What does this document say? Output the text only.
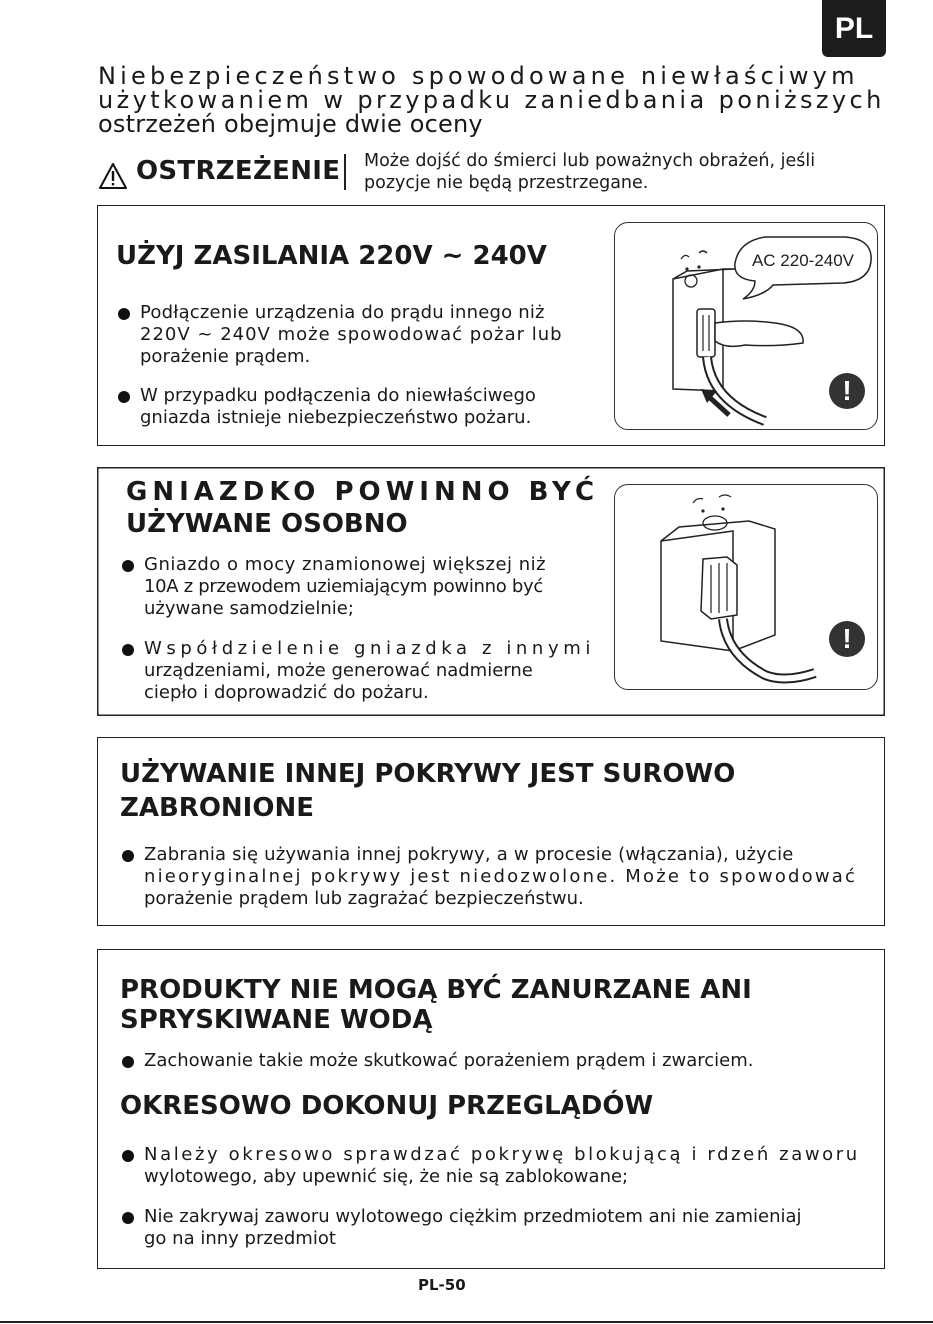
PL
Niebezpieczeństwo spowodowane niewłaściwym
użytkowaniem w przypadku zaniedbania poniższych
ostrzeżeń obejmuje dwie oceny
OSTRZEŻENIE Może dojść do śmierci lub poważnych obrażeń, jeśli
pozycje nie będą przestrzegane.
UŻYJ ZASILANIA 220V ~ 240V
Podłączenie urządzenia do prądu innego niż
220V ~ 240V może spowodować pożar lub
porażenie prądem.
W przypadku podłączenia do niewłaściwego
gniazda istnieje niebezpieczeństwo pożaru.
AC 220-240V
!
GNIAZDKO POWINNO BYĆ
UŻYWANE OSOBNO
Gniazdo o mocy znamionowej większej niż
10A z przewodem uziemiającym powinno być
używane samodzielnie;
Współdzielenie gniazdka z innymi
urządzeniami, może generować nadmierne
ciepło i doprowadzić do pożaru.
!
UŻYWANIE INNEJ POKRYWY JEST SUROWO
ZABRONIONE
Zabrania się używania innej pokrywy, a w procesie (włączania), użycie
nieoryginalnej pokrywy jest niedozwolone. Może to spowodować
porażenie prądem lub zagrażać bezpieczeństwu.
PRODUKTY NIE MOGĄ BYĆ ZANURZANE ANI
SPRYSKIWANE WODĄ
Zachowanie takie może skutkować porażeniem prądem i zwarciem.
OKRESOWO DOKONUJ PRZEGLĄDÓW
Należy okresowo sprawdzać pokrywę blokującą i rdzeń zaworu
wylotowego, aby upewnić się, że nie są zablokowane;
Nie zakrywaj zaworu wylotowego ciężkim przedmiotem ani nie zamieniaj
go na inny przedmiot
PL-50
